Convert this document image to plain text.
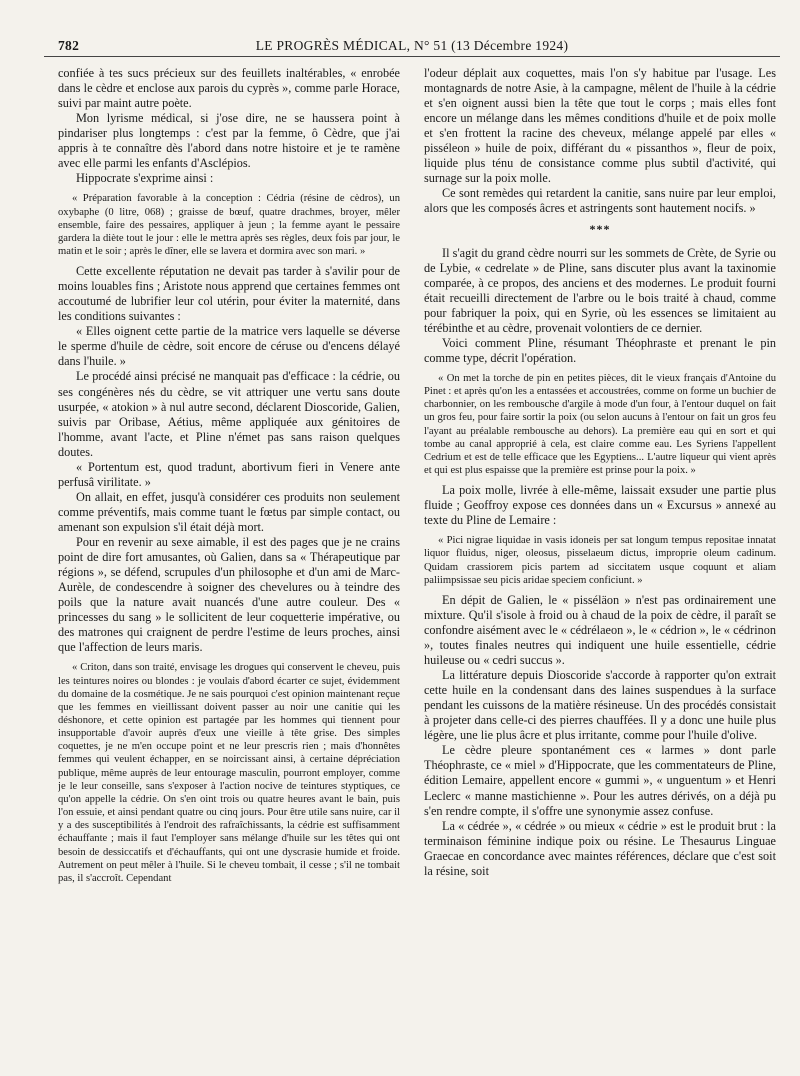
782	LE PROGRÈS MÉDICAL, N° 51 (13 Décembre 1924)

confiée à tes sucs précieux sur des feuillets inaltérables, « enrobée dans le cèdre et enclose aux parois du cyprès », comme parle Horace, suivi par maint autre poète.

Mon lyrisme médical, si j'ose dire, ne se haussera point à pindariser plus longtemps : c'est par la femme, ô Cèdre, que j'ai appris à te connaître dès l'abord dans notre histoire et je te ramène avec elle parmi les enfants d'Asclépios.

Hippocrate s'exprime ainsi :

« Préparation favorable à la conception : Cédria (résine de cèdros), un oxybaphe (0 litre, 068) ; graisse de bœuf, quatre drachmes, broyer, mêler ensemble, faire des pessaires, appliquer à jeun ; la femme ayant le pessaire gardera la diète tout le jour : elle le mettra après ses règles, deux fois par jour, le matin et le soir ; après le dîner, elle se lavera et dormira avec son mari. »

Cette excellente réputation ne devait pas tarder à s'avilir pour de moins louables fins ; Aristote nous apprend que certaines femmes ont accoutumé de lubrifier leur col utérin, pour éviter la maternité, dans les conditions suivantes :

« Elles oignent cette partie de la matrice vers laquelle se déverse le sperme d'huile de cèdre, soit encore de céruse ou d'encens délayé dans l'huile. »

Le procédé ainsi précisé ne manquait pas d'efficace : la cédrie, ou ses congénères nés du cèdre, se vit attriquer une vertu sans doute usurpée, « atokion » à nul autre second, déclarent Dioscoride, Galien, suivis par Oribase, Aétius, même appliquée aux génitoires de l'homme, avant l'acte, et Pline n'émet pas sans raison quelques doutes.

« Portentum est, quod tradunt, abortivum fieri in Venere ante perfusâ virilitate. »

On allait, en effet, jusqu'à considérer ces produits non seulement comme préventifs, mais comme tuant le fœtus par simple contact, ou amenant son expulsion s'il était déjà mort.

Pour en revenir au sexe aimable, il est des pages que je ne crains point de dire fort amusantes, où Galien, dans sa « Thérapeutique par régions », se défend, scrupules d'un philosophe et d'un ami de Marc-Aurèle, de condescendre à soigner des chevelures ou à teindre des poils que la nature avait nuancés d'une autre couleur. Des « princesses du sang » le sollicitent de leur coquetterie impérative, ou des matrones qui craignent de perdre l'estime de leurs proches, ainsi que l'affection de leurs maris.

« Criton, dans son traité, envisage les drogues qui conservent le cheveu, puis les teintures noires ou blondes : je voulais d'abord écarter ce sujet, évidemment du domaine de la cosmétique. Je ne sais pourquoi c'est opinion maintenant reçue que les femmes en vieillissant doivent passer au noir une canitie qui les déshonore, et cette opinion est partagée par les hommes qui tiennent pour insupportable d'avoir auprès d'eux une vieille à tête grise. Des simples coquettes, je ne m'en occupe point et ne leur prescris rien ; mais d'honnêtes femmes qui veulent échapper, en se noircissant ainsi, à certaine dépréciation publique, même auprès de leur entourage masculin, pourront employer, comme je le leur conseille, sans s'exposer à l'action nocive de teintures styptiques, ce qu'on appelle la cédrie. On s'en oint trois ou quatre heures avant le bain, puis l'on essuie, et ainsi pendant quatre ou cinq jours. Pour être utile sans nuire, car il y a des susceptibilités à l'endroit des rafraîchissants, la cédrie est suffisamment échauffante ; mais il faut l'employer sans mélange d'huile sur les têtes qui ont besoin de dessiccatifs et d'échauffants, qui ont une dyscrasie humide et froide. Autrement on peut mêler à l'huile. Si le cheveu tombait, il cesse ; s'il ne tombait pas, il s'accroît. Cependant

l'odeur déplait aux coquettes, mais l'on s'y habitue par l'usage. Les montagnards de notre Asie, à la campagne, mêlent de l'huile à la cédrie et s'en oignent aussi bien la tête que tout le corps ; mais elles font encore un mélange dans les mêmes conditions d'huile et de poix molle et s'en frottent la racine des cheveux, mélange appelé par elles « pisséleon » huile de poix, différant du « pissanthos », fleur de poix, liquide plus ténu de consistance comme plus subtil d'activité, qui surnage sur la poix molle.

Ce sont remèdes qui retardent la canitie, sans nuire par leur emploi, alors que les composés âcres et astringents sont hautement nocifs. »

***

Il s'agit du grand cèdre nourri sur les sommets de Crète, de Syrie ou de Lybie, « cedrelate » de Pline, sans discuter plus avant la taxinomie comparée, à ce propos, des anciens et des modernes. Le produit fourni était recueilli directement de l'arbre ou le bois traité à chaud, comme pour fabriquer la poix, qui en Syrie, où les essences se limitaient au térébinthe et au cèdre, provenait volontiers de ce dernier.

Voici comment Pline, résumant Théophraste et prenant le pin comme type, décrit l'opération.

« On met la torche de pin en petites pièces, dit le vieux français d'Antoine du Pinet : et après qu'on les a entassées et accoustrées, comme on forme un buchier de charbonnier, on les rembousche d'argile à mode d'un four, à l'entour duquel on fait un gros feu, pour faire sortir la poix (ou selon aucuns à l'entour on fait un gros feu l'ayant au préalable rembousche au dehors). La première eau qui en sort et qui tombe au canal approprié à cela, est claire comme eau. Les Syriens l'appellent Cedrium et est de telle efficace que les Egyptiens... L'autre liqueur qui vient après et qui est plus espaisse que la première est prinse pour la poix. »

La poix molle, livrée à elle-même, laissait exsuder une partie plus fluide ; Geoffroy expose ces données dans un « Excursus » annexé au texte du Pline de Lemaire :

« Pici nigrae liquidae in vasis idoneis per sat longum tempus repositae innatat liquor fluidus, niger, oleosus, pisselaeum dictus, improprie oleum cadinum. Quidam crassiorem picis partem ad siccitatem usque coquunt et aliam paliimpsissae seu picis aridae speciem conficiunt. »

En dépit de Galien, le « pisséläon » n'est pas ordinairement une mixture. Qu'il s'isole à froid ou à chaud de la poix de cèdre, il paraît se confondre aisément avec le « cédrélaeon », le « cédrion », le « cédrinon », toutes finales neutres qui indiquent une huile essentielle, cédrie huileuse ou « cedri succus ».

La littérature depuis Dioscoride s'accorde à rapporter qu'on extrait cette huile en la condensant dans des laines suspendues à la surface pendant les cuissons de la matière résineuse. Un des procédés consistait à projeter dans celle-ci des pierres chauffées. Il y a donc une huile plus légère, une lie plus âcre et plus irritante, comme pour l'huile d'olive.

Le cèdre pleure spontanément ces « larmes » dont parle Théophraste, ce « miel » d'Hippocrate, que les commentateurs de Pline, édition Lemaire, appellent encore « gummi », « unguentum » et Henri Leclerc « manne mastichienne ». Pour les autres dérivés, on a déjà pu s'en rendre compte, il s'offre une synonymie assez confuse.

La « cédrée », « cédrée » ou mieux « cédrie » est le produit brut : la terminaison féminine indique poix ou résine. Le Thesaurus Linguae Graecae en concordance avec maintes références, déclare que c'est soit la résine, soit
